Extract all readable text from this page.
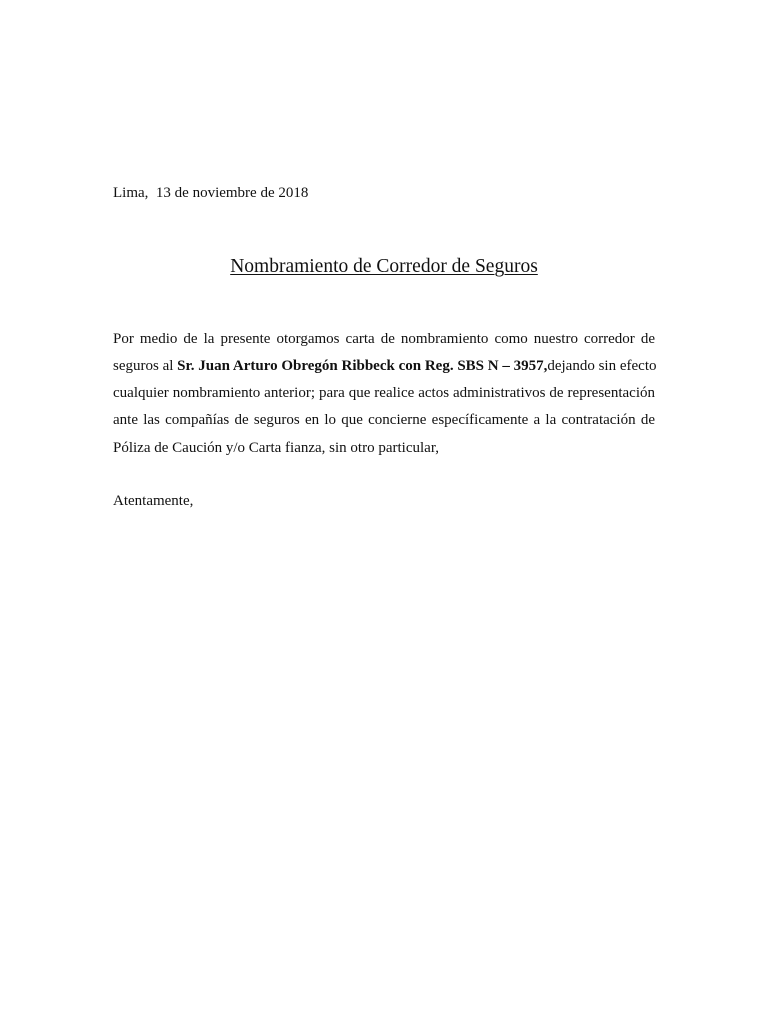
Lima,  13 de noviembre de 2018
Nombramiento de Corredor de Seguros
Por medio de la presente otorgamos carta de nombramiento como nuestro corredor de
seguros al Sr. Juan Arturo Obregón Ribbeck con Reg. SBS N – 3957, dejando sin efecto
cualquier nombramiento anterior; para que realice actos administrativos de representación
ante las compañías de seguros en lo que concierne específicamente a la contratación de
Póliza de Caución y/o Carta fianza, sin otro particular,
Atentamente,
